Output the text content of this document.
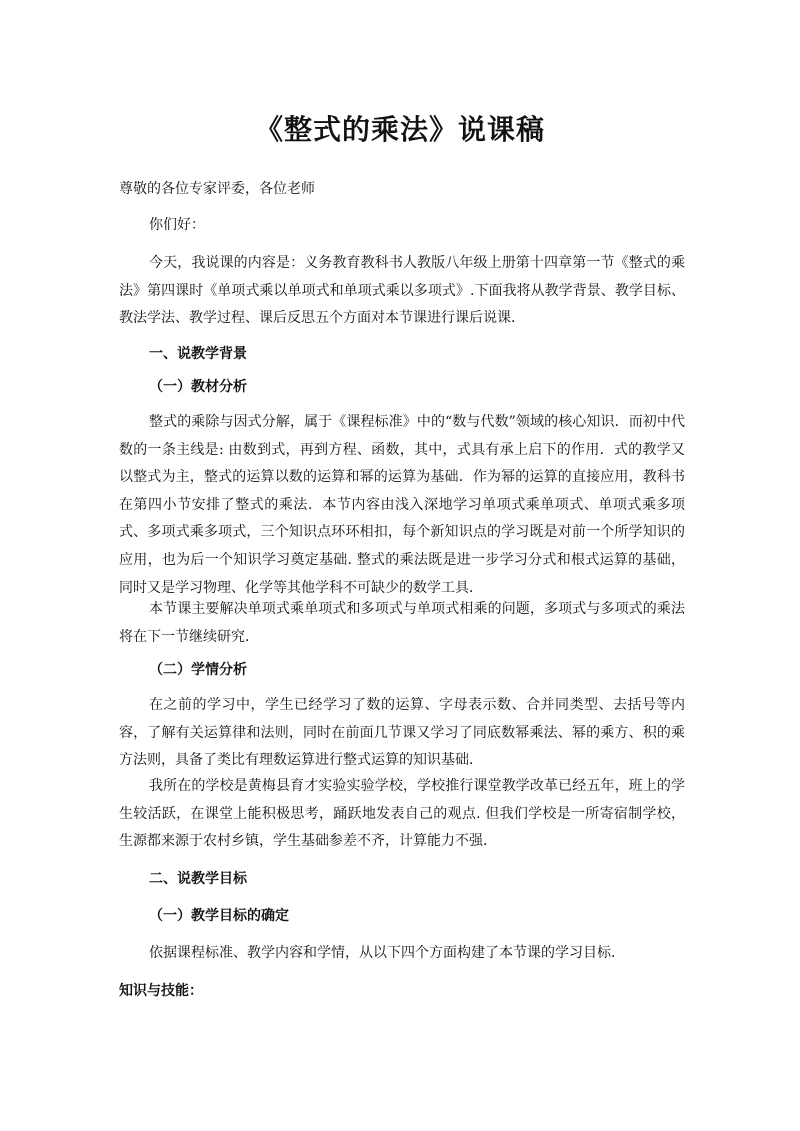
《整式的乘法》说课稿
尊敬的各位专家评委，各位老师
你们好：
今天，我说课的内容是：义务教育教科书人教版八年级上册第十四章第一节《整式的乘法》第四课时《单项式乘以单项式和单项式乘以多项式》.下面我将从教学背景、教学目标、教法学法、教学过程、课后反思五个方面对本节课进行课后说课．
一、说教学背景
（一）教材分析
整式的乘除与因式分解，属于《课程标准》中的“数与代数”领域的核心知识．而初中代数的一条主线是: 由数到式，再到方程、函数，其中，式具有承上启下的作用．式的教学又以整式为主，整式的运算以数的运算和幂的运算为基础．作为幂的运算的直接应用，教科书在第四小节安排了整式的乘法．本节内容由浅入深地学习单项式乘单项式、单项式乘多项式、多项式乘多项式，三个知识点环环相扣，每个新知识点的学习既是对前一个所学知识的应用，也为后一个知识学习奠定基础. 整式的乘法既是进一步学习分式和根式运算的基础，同时又是学习物理、化学等其他学科不可缺少的数学工具．
本节课主要解决单项式乘单项式和多项式与单项式相乘的问题，多项式与多项式的乘法将在下一节继续研究．
（二）学情分析
在之前的学习中，学生已经学习了数的运算、字母表示数、合并同类型、去括号等内容，了解有关运算律和法则，同时在前面几节课又学习了同底数幂乘法、幂的乘方、积的乘方法则，具备了类比有理数运算进行整式运算的知识基础．
我所在的学校是黄梅县育才实验实验学校，学校推行课堂教学改革已经五年，班上的学生较活跃，在课堂上能积极思考，踊跃地发表自己的观点. 但我们学校是一所寄宿制学校，生源都来源于农村乡镇，学生基础参差不齐，计算能力不强．
二、说教学目标
（一）教学目标的确定
依据课程标准、教学内容和学情，从以下四个方面构建了本节课的学习目标．
知识与技能：
